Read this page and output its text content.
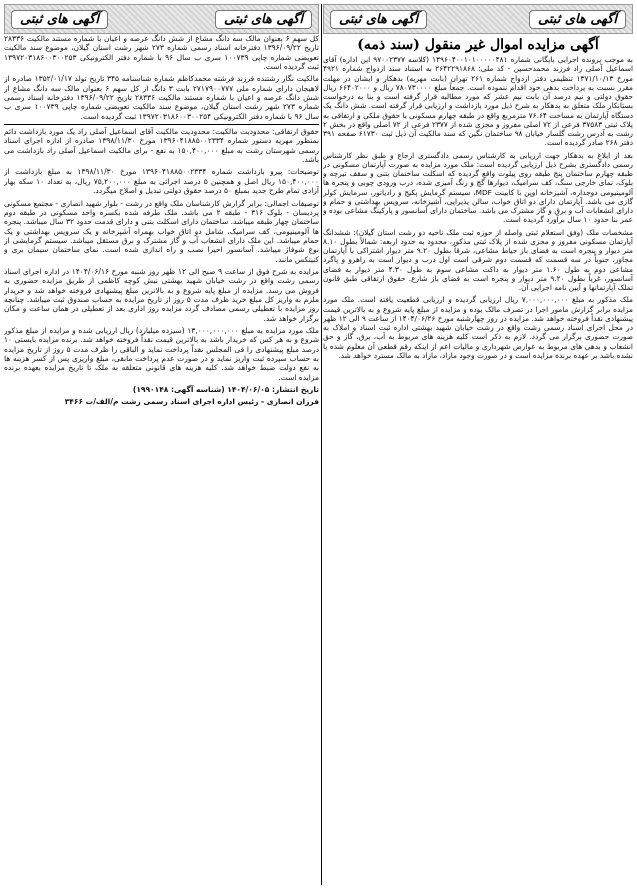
آگهی های ثبتی
آگهی های ثبتی
آگهی مزایده اموال غیر منقول (سند ذمه)

به موجب پرونده اجرایی بایگانی شماره ۱۳۹۶۰۴۰۰۱۰۱۰۰۰۰۰۴۸۱ (کلاسه ۹۷۰۰۲۳۷۷ این اداره) آقای اسماعیل آصلی راد فرزند محمدحسین - کد ملی: ۲۶۴۲۲۹۱۸۶۸ به استناد سند ازدواج شماره ۴۹۲۱ مورخ ۱۳۷۱/۱۰/۱۳ تنظیمی دفتر ازدواج شماره ۲۶۱ تهران (بابت مهریه) بدهکار و ایشان در مهلت مقرر نسبت به پرداخت بدهی خود اقدام ننموده است. جمعاً مبلغ ۷۸۰۷۳۰۰۰۰ ریال و ۶۶۴۰۲۰۰۰ ریال حقوق دولتی و نیم درصد آن بابت نیم عشر که مورد مطالبه قرار گرفته است و بنا به درخواست بستانکار ملک متعلق به بدهکار به شرح ذیل مورد بازداشت و ارزیابی قرار گرفته است. شش دانگ یک دستگاه آپارتمان به مساحت ۷۶.۶۴ مترمربع واقع در طبقه چهارم مسکونی با حقوق ملکی و ارتفاقی به پلاک ثبتی ۳۷۵۸۳ فرعی از ۷۲ اصلی مفروز و مجزی شده از ۲۳۷۷ فرعی از ۷۲ اصلی واقع در بخش ۲ رشت به آدرس رشت گلسار خیابان ۹۸ ساختمان نگین که سند مالکیت آن ذیل ثبت ۶۱۷۳۰ صفحه ۳۹۱ دفتر ۲۶۸ صادر گردیده است.

بعد از ابلاغ به بدهکار جهت ارزیابی به کارشناس رسمی دادگستری ارجاع و طبق نظر کارشناس رسمی دادگستری بشرح ذیل ارزیابی گردیده است: ملک مورد مزایده به صورت آپارتمان مسکونی در طبقه چهارم ساختمان پنج طبقه روی پیلوت واقع گردیده که اسکلت ساختمان بتنی و سقف تیرچه و بلوک، نمای خارجی سنگ، کف سرامیک، دیوارها گچ و رنگ آمیزی شده، درب ورودی چوبی و پنجره ها آلومینیومی دوجداره، آشپزخانه اوپن با کابینت MDF، سیستم گرمایش پکیج و رادیاتور، سرمایش کولر گازی می باشد. آپارتمان دارای دو اتاق خواب، سالن پذیرایی، آشپزخانه، سرویس بهداشتی و حمام و دارای انشعابات آب و برق و گاز مشترک می باشد. ساختمان دارای آسانسور و پارکینگ مشاعی بوده و عمر بنا حدود ۱۰ سال برآورد گردیده است.

مشخصات ملک (وفق استعلام ثبتی واصله از حوزه ثبت ملک ناحیه دو رشت استان گیلان): ششدانگ آپارتمان مسکونی مفروز و مجزی شده از پلاک ثبتی مذکور، محدود به حدود اربعه: شمالاً بطول ۸.۱۰ متر دیوار و پنجره است به فضای باز حیاط مشاعی، شرقاً بطول ۹.۲۰ متر دیوار اشتراکی با آپارتمان مجاور، جنوباً در سه قسمت که قسمت دوم شرقی است اول درب و دیوار است به راهرو و پاگرد مشاعی دوم به طول ۱.۶۰ متر دیوار به داکت مشاعی سوم به طول ۴.۳۰ متر دیوار به فضای آسانسور، غرباً بطول ۹.۲۰ متر دیوار و پنجره است به فضای باز شارع. حقوق ارتفاقی طبق قانون تملک آپارتمانها و آیین نامه اجرایی آن.

ملک مذکور به مبلغ ۷,۰۰۰,۰۰۰,۰۰۰ ریال ارزیابی گردیده و ارزیابی قطعیت یافته است. ملک مورد مزایده برابر گزارش مامور اجرا در تصرف مالک بوده و مزایده از مبلغ پایه شروع و به بالاترین قیمت پیشنهادی نقداً فروخته خواهد شد. مزایده در روز چهارشنبه مورخ ۱۴۰۴/۰۶/۲۶ از ساعت ۹ الی ۱۲ ظهر در محل اجرای اسناد رسمی رشت واقع در رشت خیابان شهید بهشتی اداره ثبت اسناد و املاک به صورت حضوری برگزار می گردد. لازم به ذکر است کلیه هزینه های مربوط به آب، برق، گاز و حق انشعاب و بدهی های مربوط به عوارض شهرداری و مالیات اعم از اینکه رقم قطعی آن معلوم شده یا نشده باشد بر عهده برنده مزایده است و در صورت وجود مازاد، مازاد به مالک مسترد خواهد شد.

آگهی های ثبتی
آگهی های ثبتی

کل سهم ۶ بعنوان مالک سه دانگ مشاع از شش دانگ عرصه و اعیان با شماره مستند مالکیت ۲۸۳۳۶ تاریخ ۱۳۹۶/۰۹/۲۲ دفترخانه اسناد رسمی شماره ۲۷۳ شهر رشت استان گیلان، موضوع سند مالکیت تعویضی شماره چاپی ۱۰۰۷۳۹ سری ب سال ۹۶ با شماره دفتر الکترونیکی ۱۳۹۷۲۰۳۱۸۶۰۰۳۰۰۲۵۳ ثبت گردیده است.

مالکیت نگار رشتنده فرزند فرشته محمدکاظم شماره شناسنامه ۳۴۵ تاریخ تولد ۱۳۵۲/۰۱/۱۷ صادره از لاهیجان دارای شماره ملی ۲۷۱۷۹۰۰۷۷۷ بابت ۳ دانگ از کل سهم ۶ بعنوان مالک سه دانگ مشاع از شش دانگ عرصه و اعیان با شماره مستند مالکیت ۲۸۳۳۶ تاریخ ۱۳۹۶/۰۹/۲۲ دفترخانه اسناد رسمی شماره ۲۷۳ شهر رشت استان گیلان، موضوع سند مالکیت تعویضی شماره چاپی ۱۰۰۷۳۹ سری ب سال ۹۶ با شماره دفتر الکترونیکی ۱۳۹۷۲۰۳۱۸۶۰۰۳۰۰۲۵۴ ثبت گردیده است.

حقوق ارتفاقی: محدودیت مالکیت: محدودیت مالکیت آقای اسماعیل آصلی راد یک مورد بازداشت دائم بمنظور مهریه دستور شماره ۱۳۹۶۰۴۱۸۸۵۰۰۲۳۳۴ مورخ ۱۳۹۸/۱۱/۳۰ صادره از اداره اجرای اسناد رسمی شهرستان رشت به مبلغ ۱۵۰,۴۰۰,۰۰۰ به نفع - برای مالکیت اسماعیل آصلی راد بازداشت می باشد.

توضیحات: پیرو بازداشت شماره ۱۳۹۶۰۴۱۸۸۵۰۰۲۳۳۴ مورخ ۱۳۹۸/۱۱/۳۰ به مبلغ بازداشت از ۱۵۰,۴۰۰,۰۰۰ ریال اصل و همچنین ۵ درصد اجرائی به مبلغ ۷۵,۲۰۰,۰۰۰ ریال، به تعداد ۱۰ سکه بهار آزادی تمام طرح جدید بمبلغ ۵۰ درصد حقوق دولتی تبدیل و اصلاح میگردد.

توصیفات اجمالی: برابر گزارش کارشناسان ملک واقع در رشت - بلوار شهید انصاری - مجتمع مسکونی پردیسان - بلوک ۳۱۶ - طبقه ۲ می باشد. ملک طرفه شده بکسره واحد مسکونی در طبقه دوم ساختمان چهار طبقه میباشد. ساختمان دارای اسکلت بتنی و دارای قدمت حدود ۳۲ سال میباشد. پنجره ها آلومینیومی، کف سرامیک، شامل دو اتاق خواب بهمراه آشپزخانه و یک سرویس بهداشتی و یک حمام میباشد. این ملک دارای انشعاب آب و گاز مشترک و برق مستقل میباشد. سیستم گرمایشی از نوع شوفاژ میباشد. آسانسور احیرا نصب و راه اندازی شده است. نمای ساختمان سیمان بری و کنیتکس مانند.

مزایده به شرح فوق از ساعت ۹ صبح الی ۱۲ ظهر روز شنبه مورخ ۱۴۰۴/۰۶/۱۶ در اداره اجرای اسناد رسمی رشت واقع در رشت خیابان شهید بهشتی نبش کوچه کاظمی از طریق مزایده حضوری به فروش می رسد. مزایده از مبلغ پایه شروع و به بالاترین مبلغ پیشنهادی فروخته خواهد شد و خریدار ملزم به واریز کل مبلغ خرید ظرف مدت ۵ روز از تاریخ مزایده به حساب صندوق ثبت میباشد. چنانچه روز مزایده با تعطیلی رسمی مصادف گردد مزایده روز اداری بعد از تعطیلی در همان ساعت و مکان برگزار خواهد شد.

ملک مورد مزایده به مبلغ ۱۳,۰۰۰,۰۰۰,۰۰۰ (سیزده میلیارد) ریال ارزیابی شده و مزایده از مبلغ مذکور شروع و به هر کس که خریدار باشد به بالاترین قیمت نقداً فروخته خواهد شد. برنده مزایده بایستی ۱۰ درصد مبلغ پیشنهادی را فی المجلس نقداً پرداخت نماید و الباقی را ظرف مدت ۵ روز از تاریخ مزایده به حساب سپرده ثبت واریز نماید و در صورت عدم پرداخت مابقی، مبلغ واریزی پس از کسر هزینه ها به نفع دولت ضبط خواهد شد. کلیه هزینه های قانونی متعلقه به ملک تا تاریخ مزایده بعهده برنده مزایده است.

تاریخ انتشار: ۱۴۰۴/۰۶/۰۵ (شناسه آگهی: ۱۹۹۰۱۴۸)

فرزان انصاری - رئیس اداره اجرای اسناد رسمی رشت م/الف/ت ۳۴۶۶
